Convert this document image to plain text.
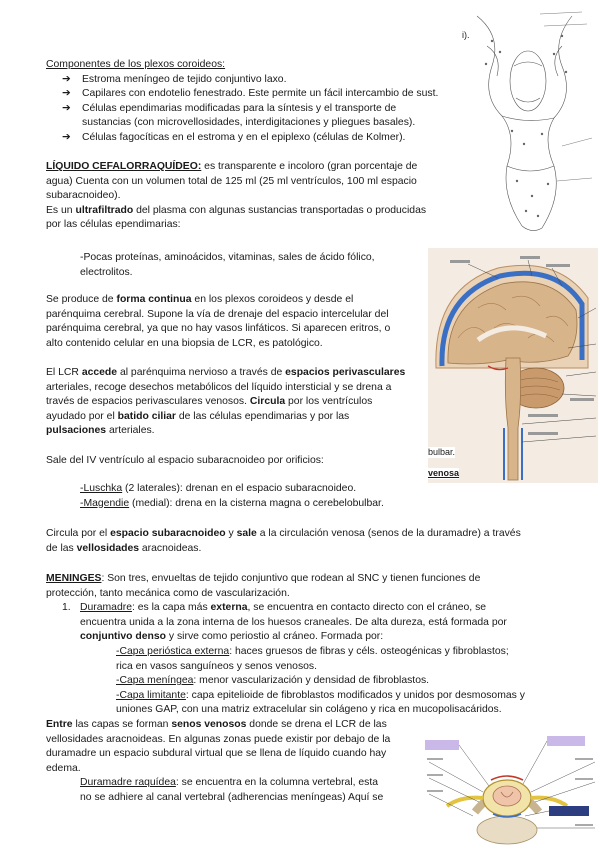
i).
bulbar.
venosa

Componentes de los plexos coroideos:

➔ Estroma meníngeo de tejido conjuntivo laxo.

➔ Capilares con endotelio fenestrado. Este permite un fácil intercambio de sust.

➔ Células ependimarias modificadas para la síntesis y el transporte de

sustancias (con microvellosidades, interdigitaciones y pliegues basales).

➔ Células fagocíticas en el estroma y en el epiplexo (células de Kolmer).

LÍQUIDO CEFALORRAQUÍDEO: es transparente e incoloro (gran porcentaje de

agua) Cuenta con un volumen total de 125 ml (25 ml ventrículos, 100 ml espacio

subaracnoideo).

Es un ultrafiltrado del plasma con algunas sustancias transportadas o producidas

por las células ependimarias:

-Pocas proteínas, aminoácidos, vitaminas, sales de ácido fólico,

electrolitos.

Se produce de forma continua en los plexos coroideos y desde el

parénquima cerebral. Supone la vía de drenaje del espacio intercelular del

parénquima cerebral, ya que no hay vasos linfáticos. Si aparecen eritros, o

alto contenido celular en una biopsia de LCR, es patológico.

El LCR accede al parénquima nervioso a través de espacios perivasculares

arteriales, recoge desechos metabólicos del líquido intersticial y se drena a

través de espacios perivasculares venosos. Circula por los ventrículos

ayudado por el batido ciliar de las células ependimarias y por las

pulsaciones arteriales.

Sale del IV ventrículo al espacio subaracnoideo por orificios:

-Luschka (2 laterales): drenan en el espacio subaracnoideo.

-Magendie (medial): drena en la cisterna magna o cerebelobulbar.

Circula por el espacio subaracnoideo y sale a la circulación venosa (senos de la duramadre) a través

de las vellosidades aracnoideas.

MENINGES: Son tres, envueltas de tejido conjuntivo que rodean al SNC y tienen funciones de

protección, tanto mecánica como de vascularización.

1. Duramadre: es la capa más externa, se encuentra en contacto directo con el cráneo, se

encuentra unida a la zona interna de los huesos craneales. De alta dureza, está formada por

conjuntivo denso y sirve como periostio al cráneo. Formada por:

-Capa perióstica externa: haces gruesos de fibras y céls. osteogénicas y fibroblastos;

rica en vasos sanguíneos y senos venosos.

-Capa meníngea: menor vascularización y densidad de fibroblastos.

-Capa limitante: capa epitelioide de fibroblastos modificados y unidos por desmosomas y

uniones GAP, con una matriz extracelular sin colágeno y rica en mucopolisacáridos.

Entre las capas se forman senos venosos donde se drena el LCR de las

vellosidades aracnoideas. En algunas zonas puede existir por debajo de la

duramadre un espacio subdural virtual que se llena de líquido cuando hay

edema.

Duramadre raquídea: se encuentra en la columna vertebral, esta

no se adhiere al canal vertebral (adherencias meníngeas) Aquí se
